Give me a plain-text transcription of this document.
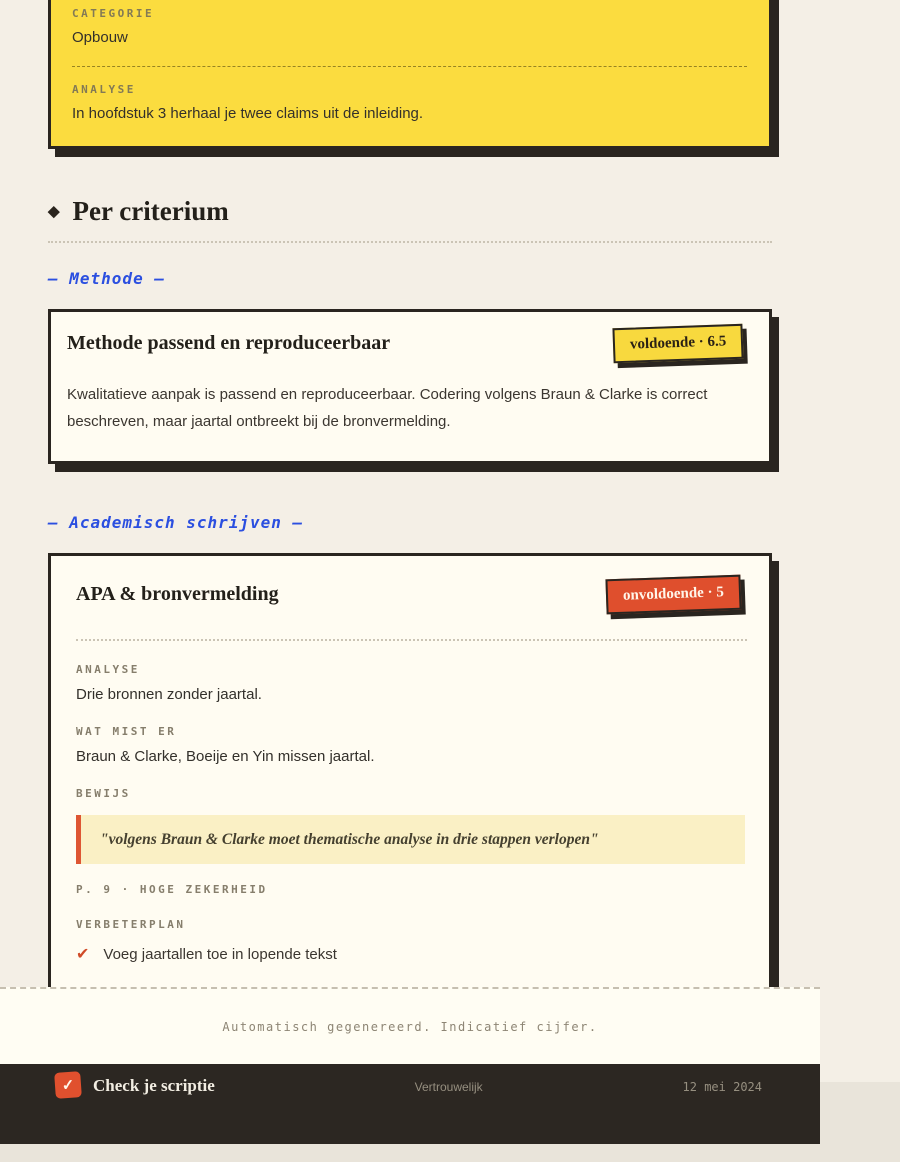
CATEGORIE
Opbouw
ANALYSE
In hoofdstuk 3 herhaal je twee claims uit de inleiding.
◆ Per criterium
— Methode —
Methode passend en reproduceerbaar	voldoende · 6.5
Kwalitatieve aanpak is passend en reproduceerbaar. Codering volgens Braun & Clarke is correct beschreven, maar jaartal ontbreekt bij de bronvermelding.
— Academisch schrijven —
APA & bronvermelding	onvoldoende · 5
ANALYSE
Drie bronnen zonder jaartal.
WAT MIST ER
Braun & Clarke, Boeije en Yin missen jaartal.
BEWIJS
"volgens Braun & Clarke moet thematische analyse in drie stappen verlopen"
P. 9 · HOGE ZEKERHEID
VERBETERPLAN
✔ Voeg jaartallen toe in lopende tekst
Automatisch gegenereerd. Indicatief cijfer.
✓	Check je scriptie	Vertrouwelijk	12 mei 2024
